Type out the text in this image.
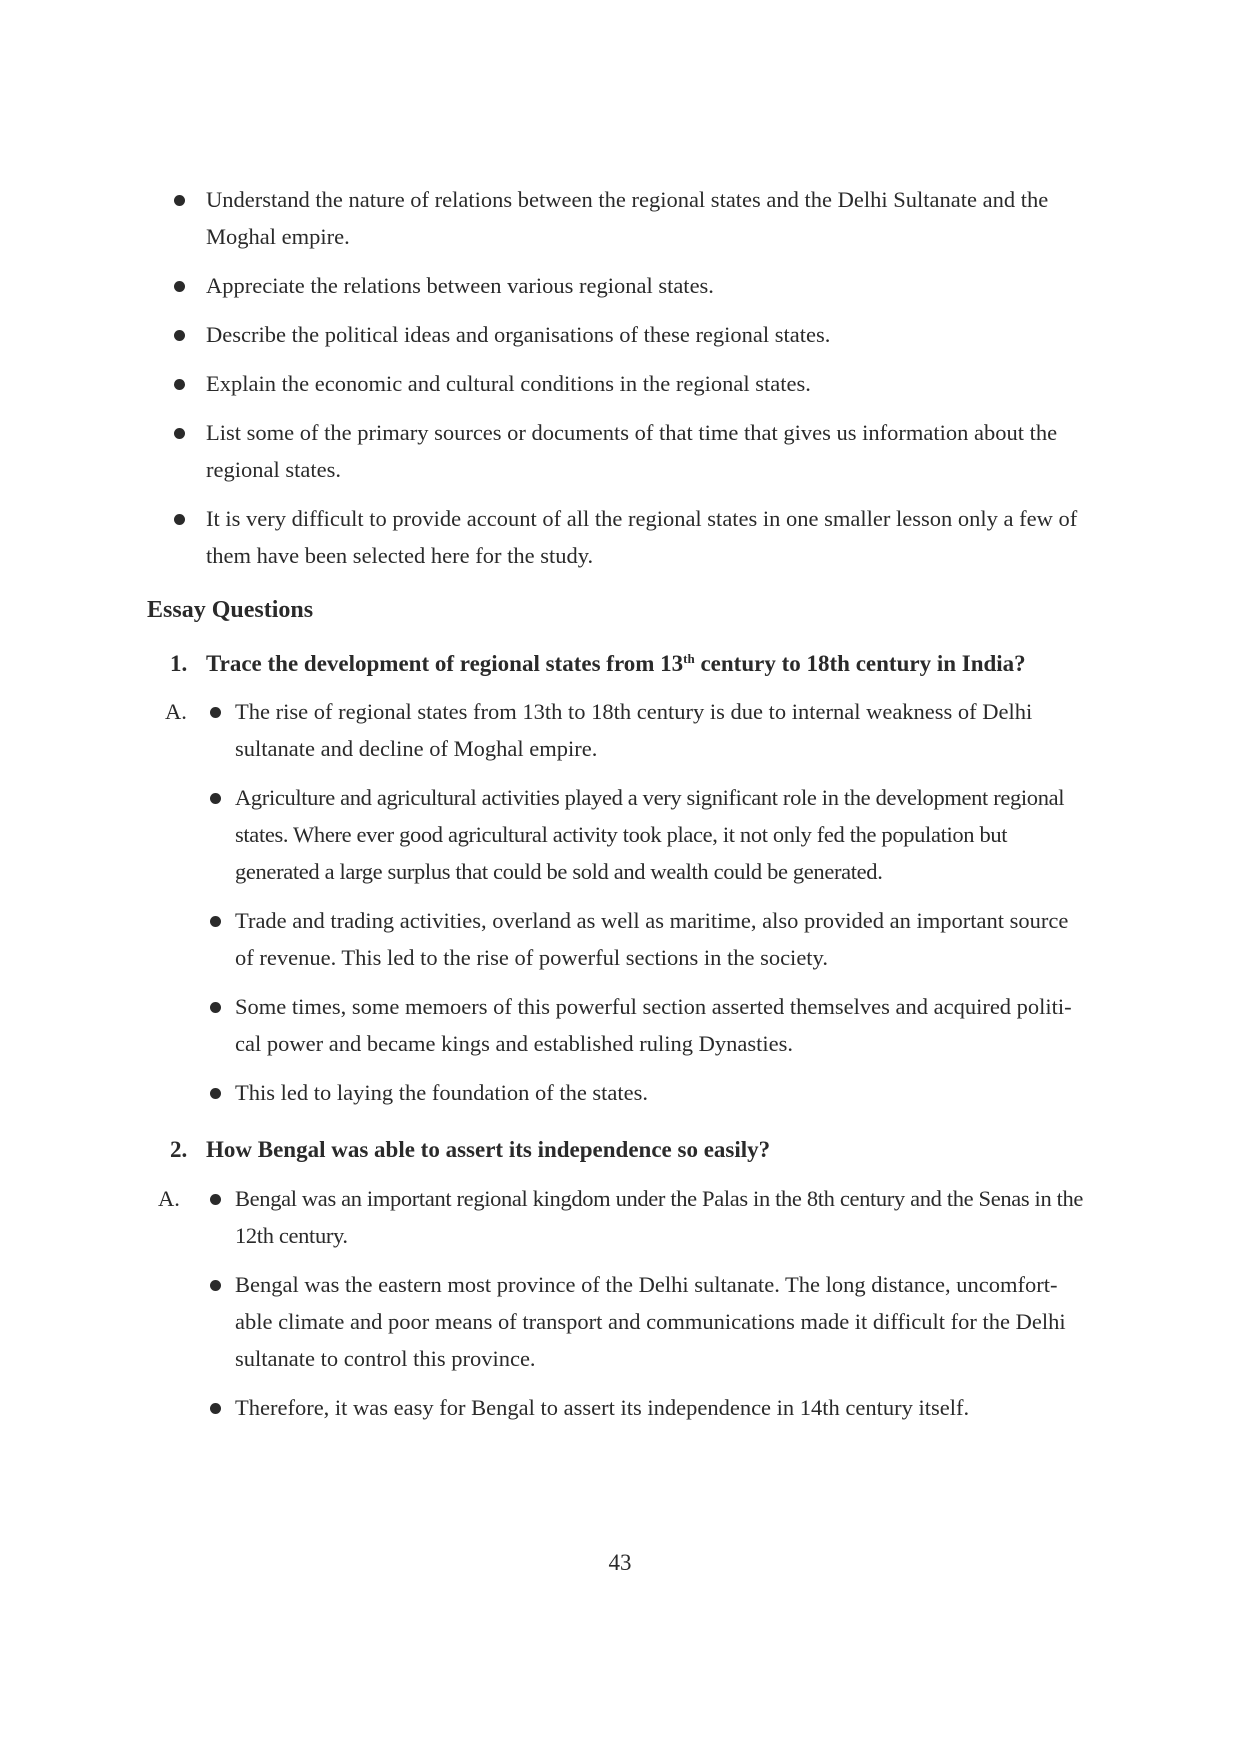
Understand the nature of relations between the regional states and the Delhi Sultanate and the Moghal empire.
Appreciate the relations between various regional states.
Describe the political ideas and organisations of these regional states.
Explain the economic and cultural conditions in the regional states.
List some of the primary sources or documents of that time that gives us information about the regional states.
It is very difficult to provide account of all the regional states in one smaller lesson only a few of them have been selected here for the study.
Essay Questions

1. Trace the development of regional states from 13th century to 18th century in India?

A.	The rise of regional states from 13th to 18th century is due to internal weakness of Delhi sultanate and decline of Moghal empire.
Agriculture and agricultural activities played a very significant role in the development regional states. Where ever good agricultural activity took place, it not only fed the population but generated a large surplus that could be sold and wealth could be generated.
Trade and trading activities, overland as well as maritime, also provided an important source of revenue. This led to the rise of powerful sections in the society.
Some times, some memoers of this powerful section asserted themselves and acquired politi-cal power and became kings and established ruling Dynasties.
This led to laying the foundation of the states.

2. How Bengal was able to assert its independence so easily?

A.	Bengal was an important regional kingdom under the Palas in the 8th century and the Senas in the 12th century.
Bengal was the eastern most province of the Delhi sultanate. The long distance, uncomfort-able climate and poor means of transport and communications made it difficult for the Delhi sultanate to control this province.
Therefore, it was easy for Bengal to assert its independence in 14th century itself.
43
